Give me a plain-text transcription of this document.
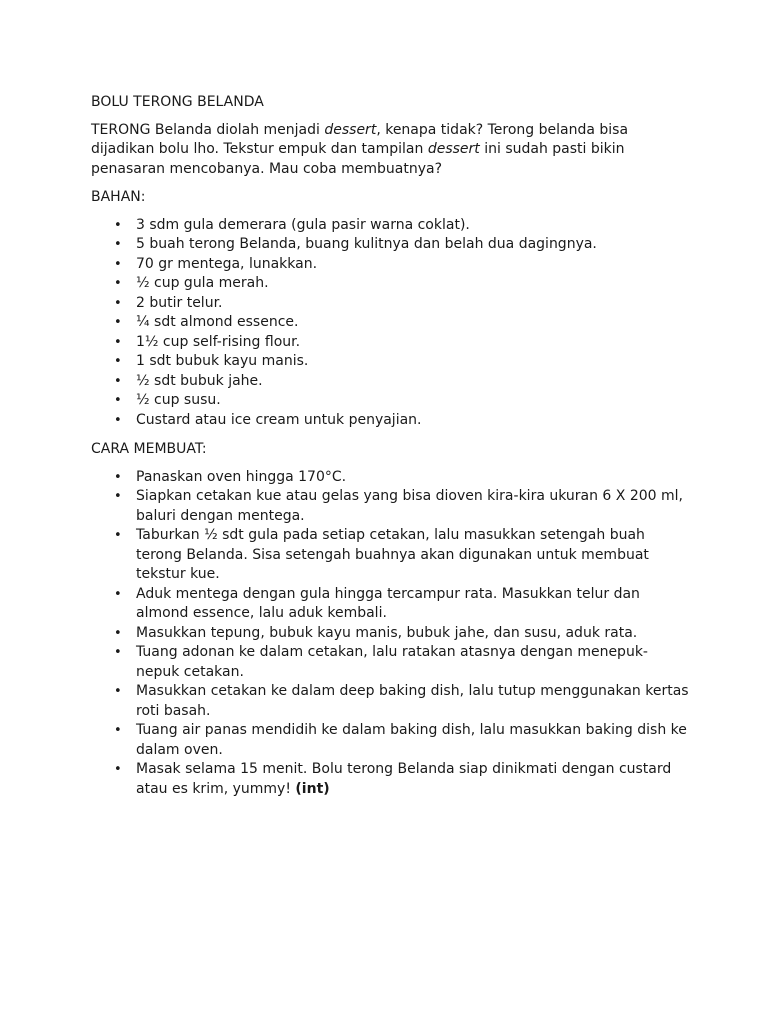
BOLU TERONG BELANDA

TERONG Belanda diolah menjadi dessert, kenapa tidak? Terong belanda bisa dijadikan bolu lho. Tekstur empuk dan tampilan dessert ini sudah pasti bikin penasaran mencobanya. Mau coba membuatnya?

BAHAN:

• 3 sdm gula demerara (gula pasir warna coklat).
• 5 buah terong Belanda, buang kulitnya dan belah dua dagingnya.
• 70 gr mentega, lunakkan.
• ½ cup gula merah.
• 2 butir telur.
• ¼ sdt almond essence.
• 1½ cup self-rising flour.
• 1 sdt bubuk kayu manis.
• ½ sdt bubuk jahe.
• ½ cup susu.
• Custard atau ice cream untuk penyajian.

CARA MEMBUAT:

• Panaskan oven hingga 170°C.
• Siapkan cetakan kue atau gelas yang bisa dioven kira-kira ukuran 6 X 200 ml, baluri dengan mentega.
• Taburkan ½ sdt gula pada setiap cetakan, lalu masukkan setengah buah terong Belanda. Sisa setengah buahnya akan digunakan untuk membuat tekstur kue.
• Aduk mentega dengan gula hingga tercampur rata. Masukkan telur dan almond essence, lalu aduk kembali.
• Masukkan tepung, bubuk kayu manis, bubuk jahe, dan susu, aduk rata.
• Tuang adonan ke dalam cetakan, lalu ratakan atasnya dengan menepuk-nepuk cetakan.
• Masukkan cetakan ke dalam deep baking dish, lalu tutup menggunakan kertas roti basah.
• Tuang air panas mendidih ke dalam baking dish, lalu masukkan baking dish ke dalam oven.
• Masak selama 15 menit. Bolu terong Belanda siap dinikmati dengan custard atau es krim, yummy! (int)
